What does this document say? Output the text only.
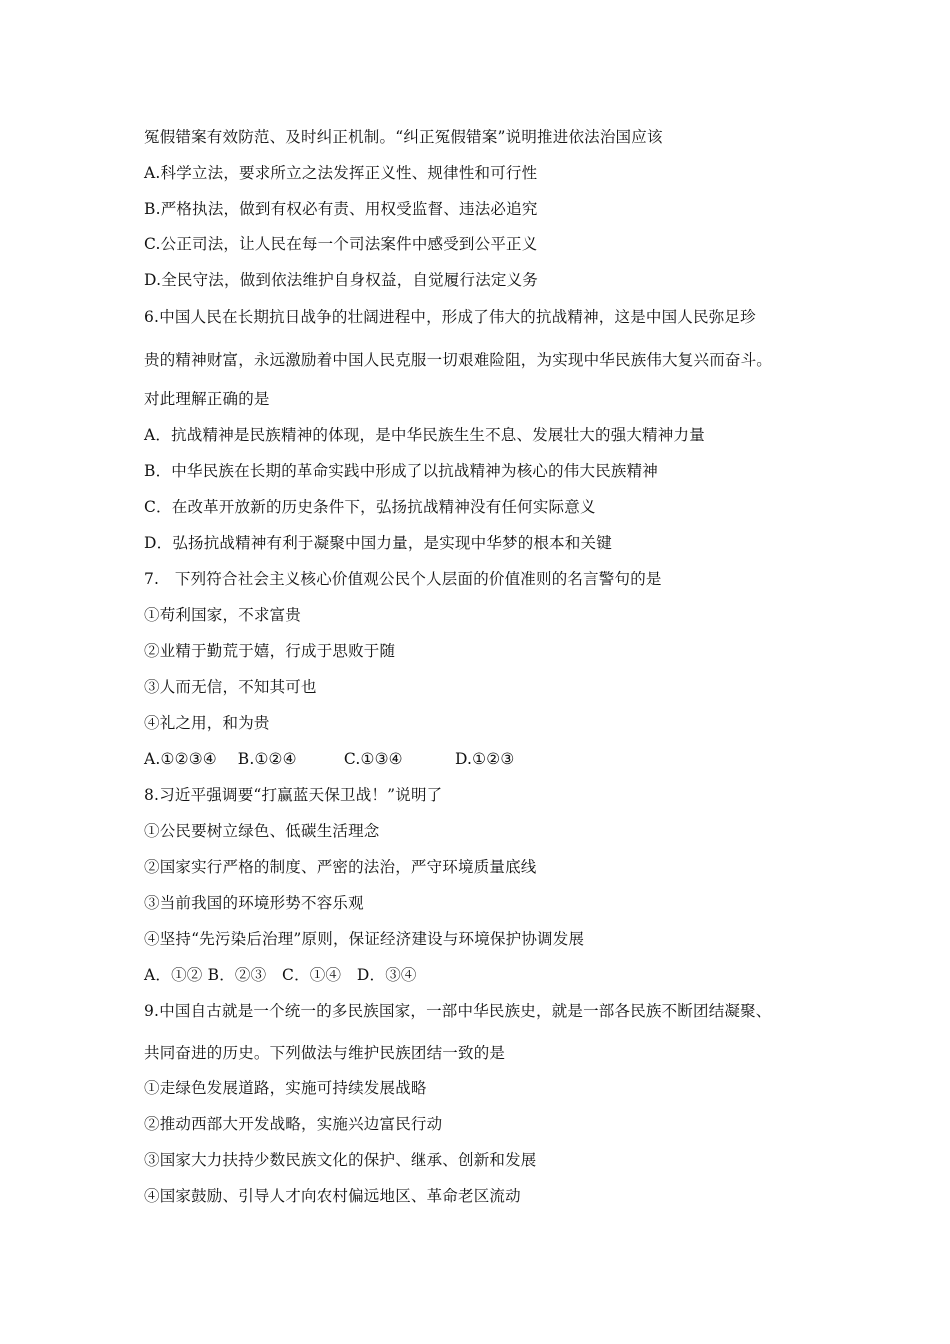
冤假错案有效防范、及时纠正机制。“纠正冤假错案”说明推进依法治国应该
A.科学立法，要求所立之法发挥正义性、规律性和可行性
B.严格执法，做到有权必有责、用权受监督、违法必追究
C.公正司法，让人民在每一个司法案件中感受到公平正义
D.全民守法，做到依法维护自身权益，自觉履行法定义务
6.中国人民在长期抗日战争的壮阔进程中，形成了伟大的抗战精神，这是中国人民弥足珍
贵的精神财富，永远激励着中国人民克服一切艰难险阻，为实现中华民族伟大复兴而奋斗。
对此理解正确的是
A．抗战精神是民族精神的体现，是中华民族生生不息、发展壮大的强大精神力量
B．中华民族在长期的革命实践中形成了以抗战精神为核心的伟大民族精神
C．在改革开放新的历史条件下，弘扬抗战精神没有任何实际意义
D．弘扬抗战精神有利于凝聚中国力量，是实现中华梦的根本和关键
7.　下列符合社会主义核心价值观公民个人层面的价值准则的名言警句的是
①苟利国家，不求富贵
②业精于勤荒于嬉，行成于思败于随
③人而无信，不知其可也
④礼之用，和为贵
A.①②③④　 B.①②④　　　C.①③④　　　 D.①②③
8.习近平强调要“打赢蓝天保卫战！”说明了
①公民要树立绿色、低碳生活理念
②国家实行严格的制度、严密的法治，严守环境质量底线
③当前我国的环境形势不容乐观
④坚持“先污染后治理”原则，保证经济建设与环境保护协调发展
A．①② B．②③　C．①④　D．③④
9.中国自古就是一个统一的多民族国家，一部中华民族史，就是一部各民族不断团结凝聚、
共同奋进的历史。下列做法与维护民族团结一致的是
①走绿色发展道路，实施可持续发展战略
②推动西部大开发战略，实施兴边富民行动
③国家大力扶持少数民族文化的保护、继承、创新和发展
④国家鼓励、引导人才向农村偏远地区、革命老区流动
